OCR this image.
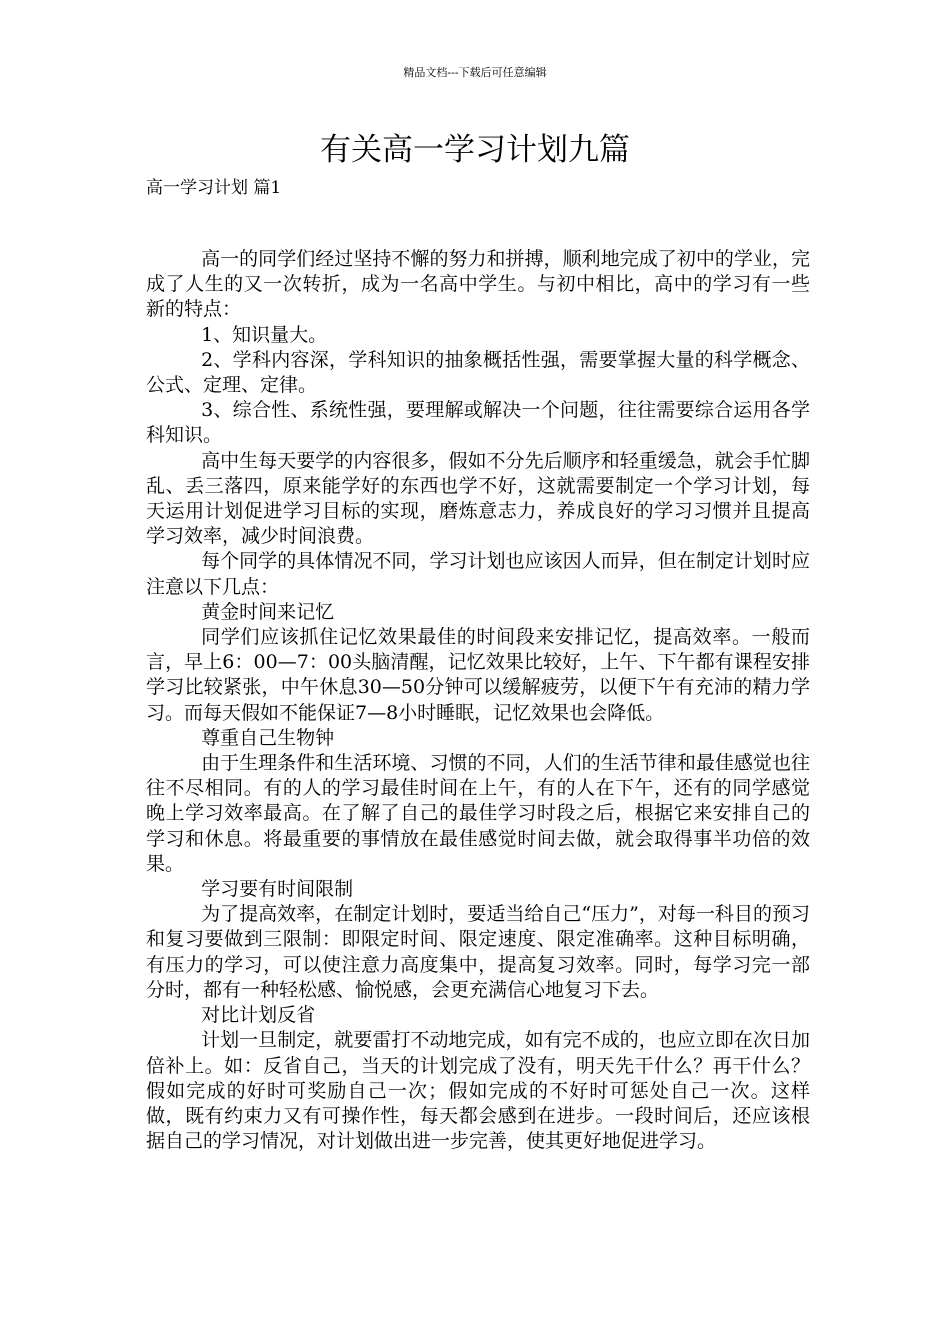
精品文档---下载后可任意编辑
有关高一学习计划九篇
高一学习计划 篇1

高一的同学们经过坚持不懈的努力和拼搏，顺利地完成了初中的学业，完成了人生的又一次转折，成为一名高中学生。与初中相比，高中的学习有一些新的特点：

1、知识量大。

2、学科内容深，学科知识的抽象概括性强，需要掌握大量的科学概念、公式、定理、定律。

3、综合性、系统性强，要理解或解决一个问题，往往需要综合运用各学科知识。

高中生每天要学的内容很多，假如不分先后顺序和轻重缓急，就会手忙脚乱、丢三落四，原来能学好的东西也学不好，这就需要制定一个学习计划，每天运用计划促进学习目标的实现，磨炼意志力，养成良好的学习习惯并且提高学习效率，减少时间浪费。

每个同学的具体情况不同，学习计划也应该因人而异，但在制定计划时应注意以下几点：

黄金时间来记忆

同学们应该抓住记忆效果最佳的时间段来安排记忆，提高效率。一般而言，早上6：00—7：00头脑清醒，记忆效果比较好，上午、下午都有课程安排学习比较紧张，中午休息30—50分钟可以缓解疲劳，以便下午有充沛的精力学习。而每天假如不能保证7—8小时睡眠，记忆效果也会降低。

尊重自己生物钟

由于生理条件和生活环境、习惯的不同，人们的生活节律和最佳感觉也往往不尽相同。有的人的学习最佳时间在上午，有的人在下午，还有的同学感觉晚上学习效率最高。在了解了自己的最佳学习时段之后，根据它来安排自己的学习和休息。将最重要的事情放在最佳感觉时间去做，就会取得事半功倍的效果。

学习要有时间限制

为了提高效率，在制定计划时，要适当给自己“压力”，对每一科目的预习和复习要做到三限制：即限定时间、限定速度、限定准确率。这种目标明确，有压力的学习，可以使注意力高度集中，提高复习效率。同时，每学习完一部分时，都有一种轻松感、愉悦感，会更充满信心地复习下去。

对比计划反省

计划一旦制定，就要雷打不动地完成，如有完不成的，也应立即在次日加倍补上。如：反省自己，当天的计划完成了没有，明天先干什么？再干什么？假如完成的好时可奖励自己一次；假如完成的不好时可惩处自己一次。这样做，既有约束力又有可操作性，每天都会感到在进步。一段时间后，还应该根据自己的学习情况，对计划做出进一步完善，使其更好地促进学习。
